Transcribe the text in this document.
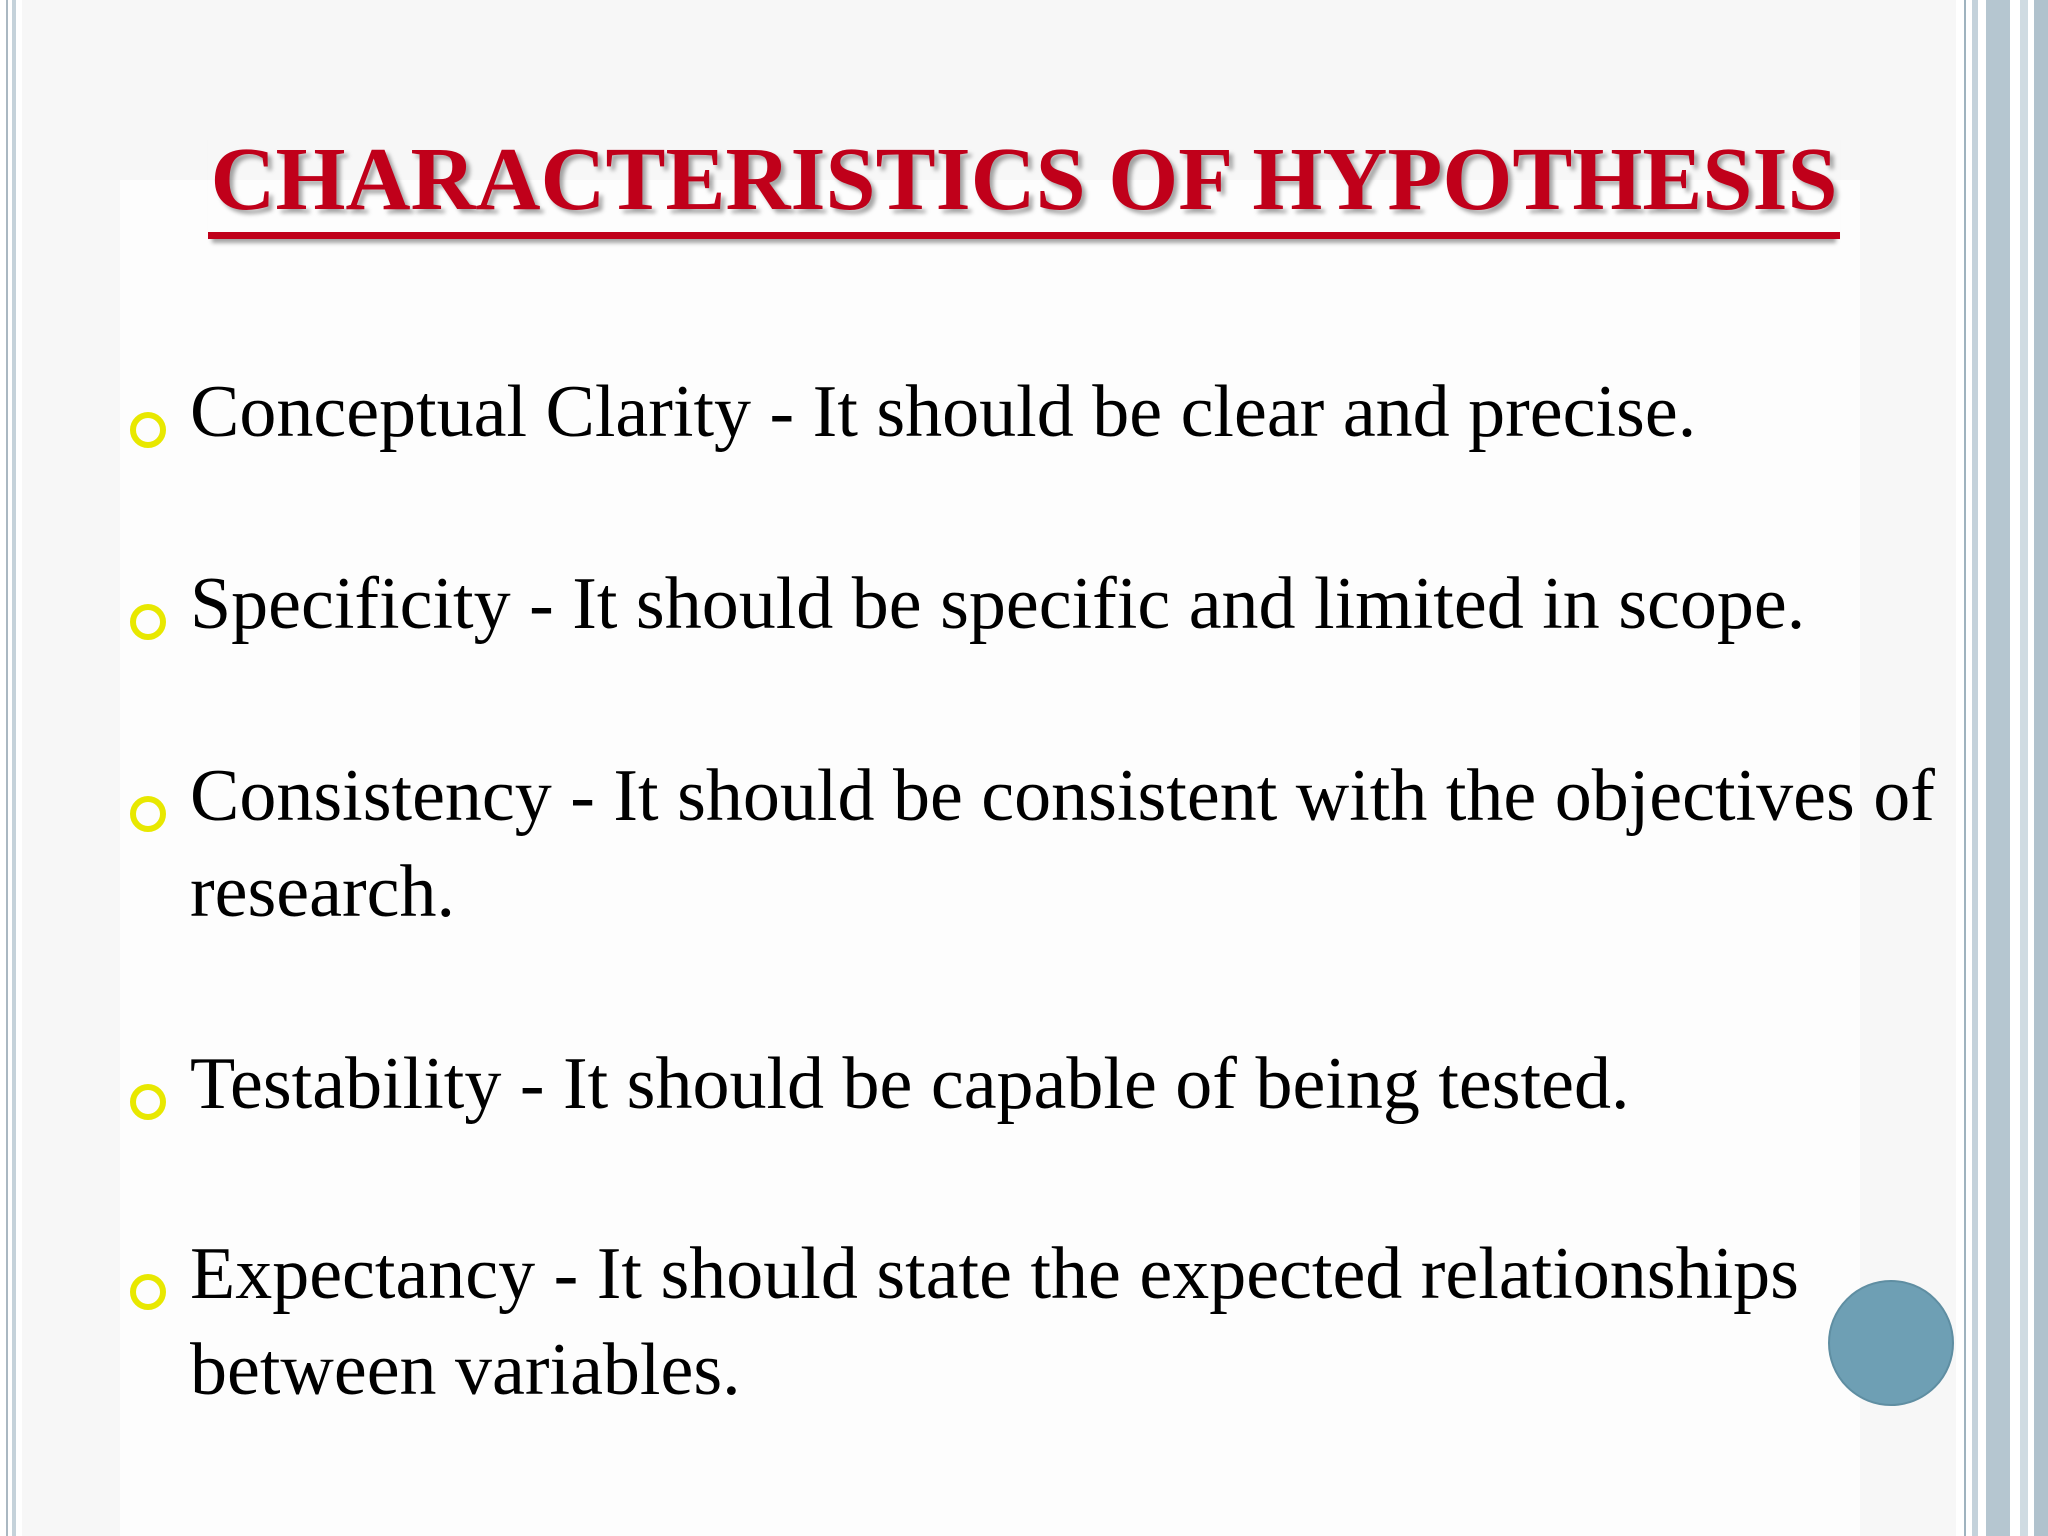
CHARACTERISTICS OF HYPOTHESIS
Conceptual Clarity - It should be clear and precise.
Specificity - It should be specific and limited in scope.
Consistency - It should be consistent with the objectives of research.
Testability - It should be capable of being tested.
Expectancy - It should state the expected relationships between variables.
